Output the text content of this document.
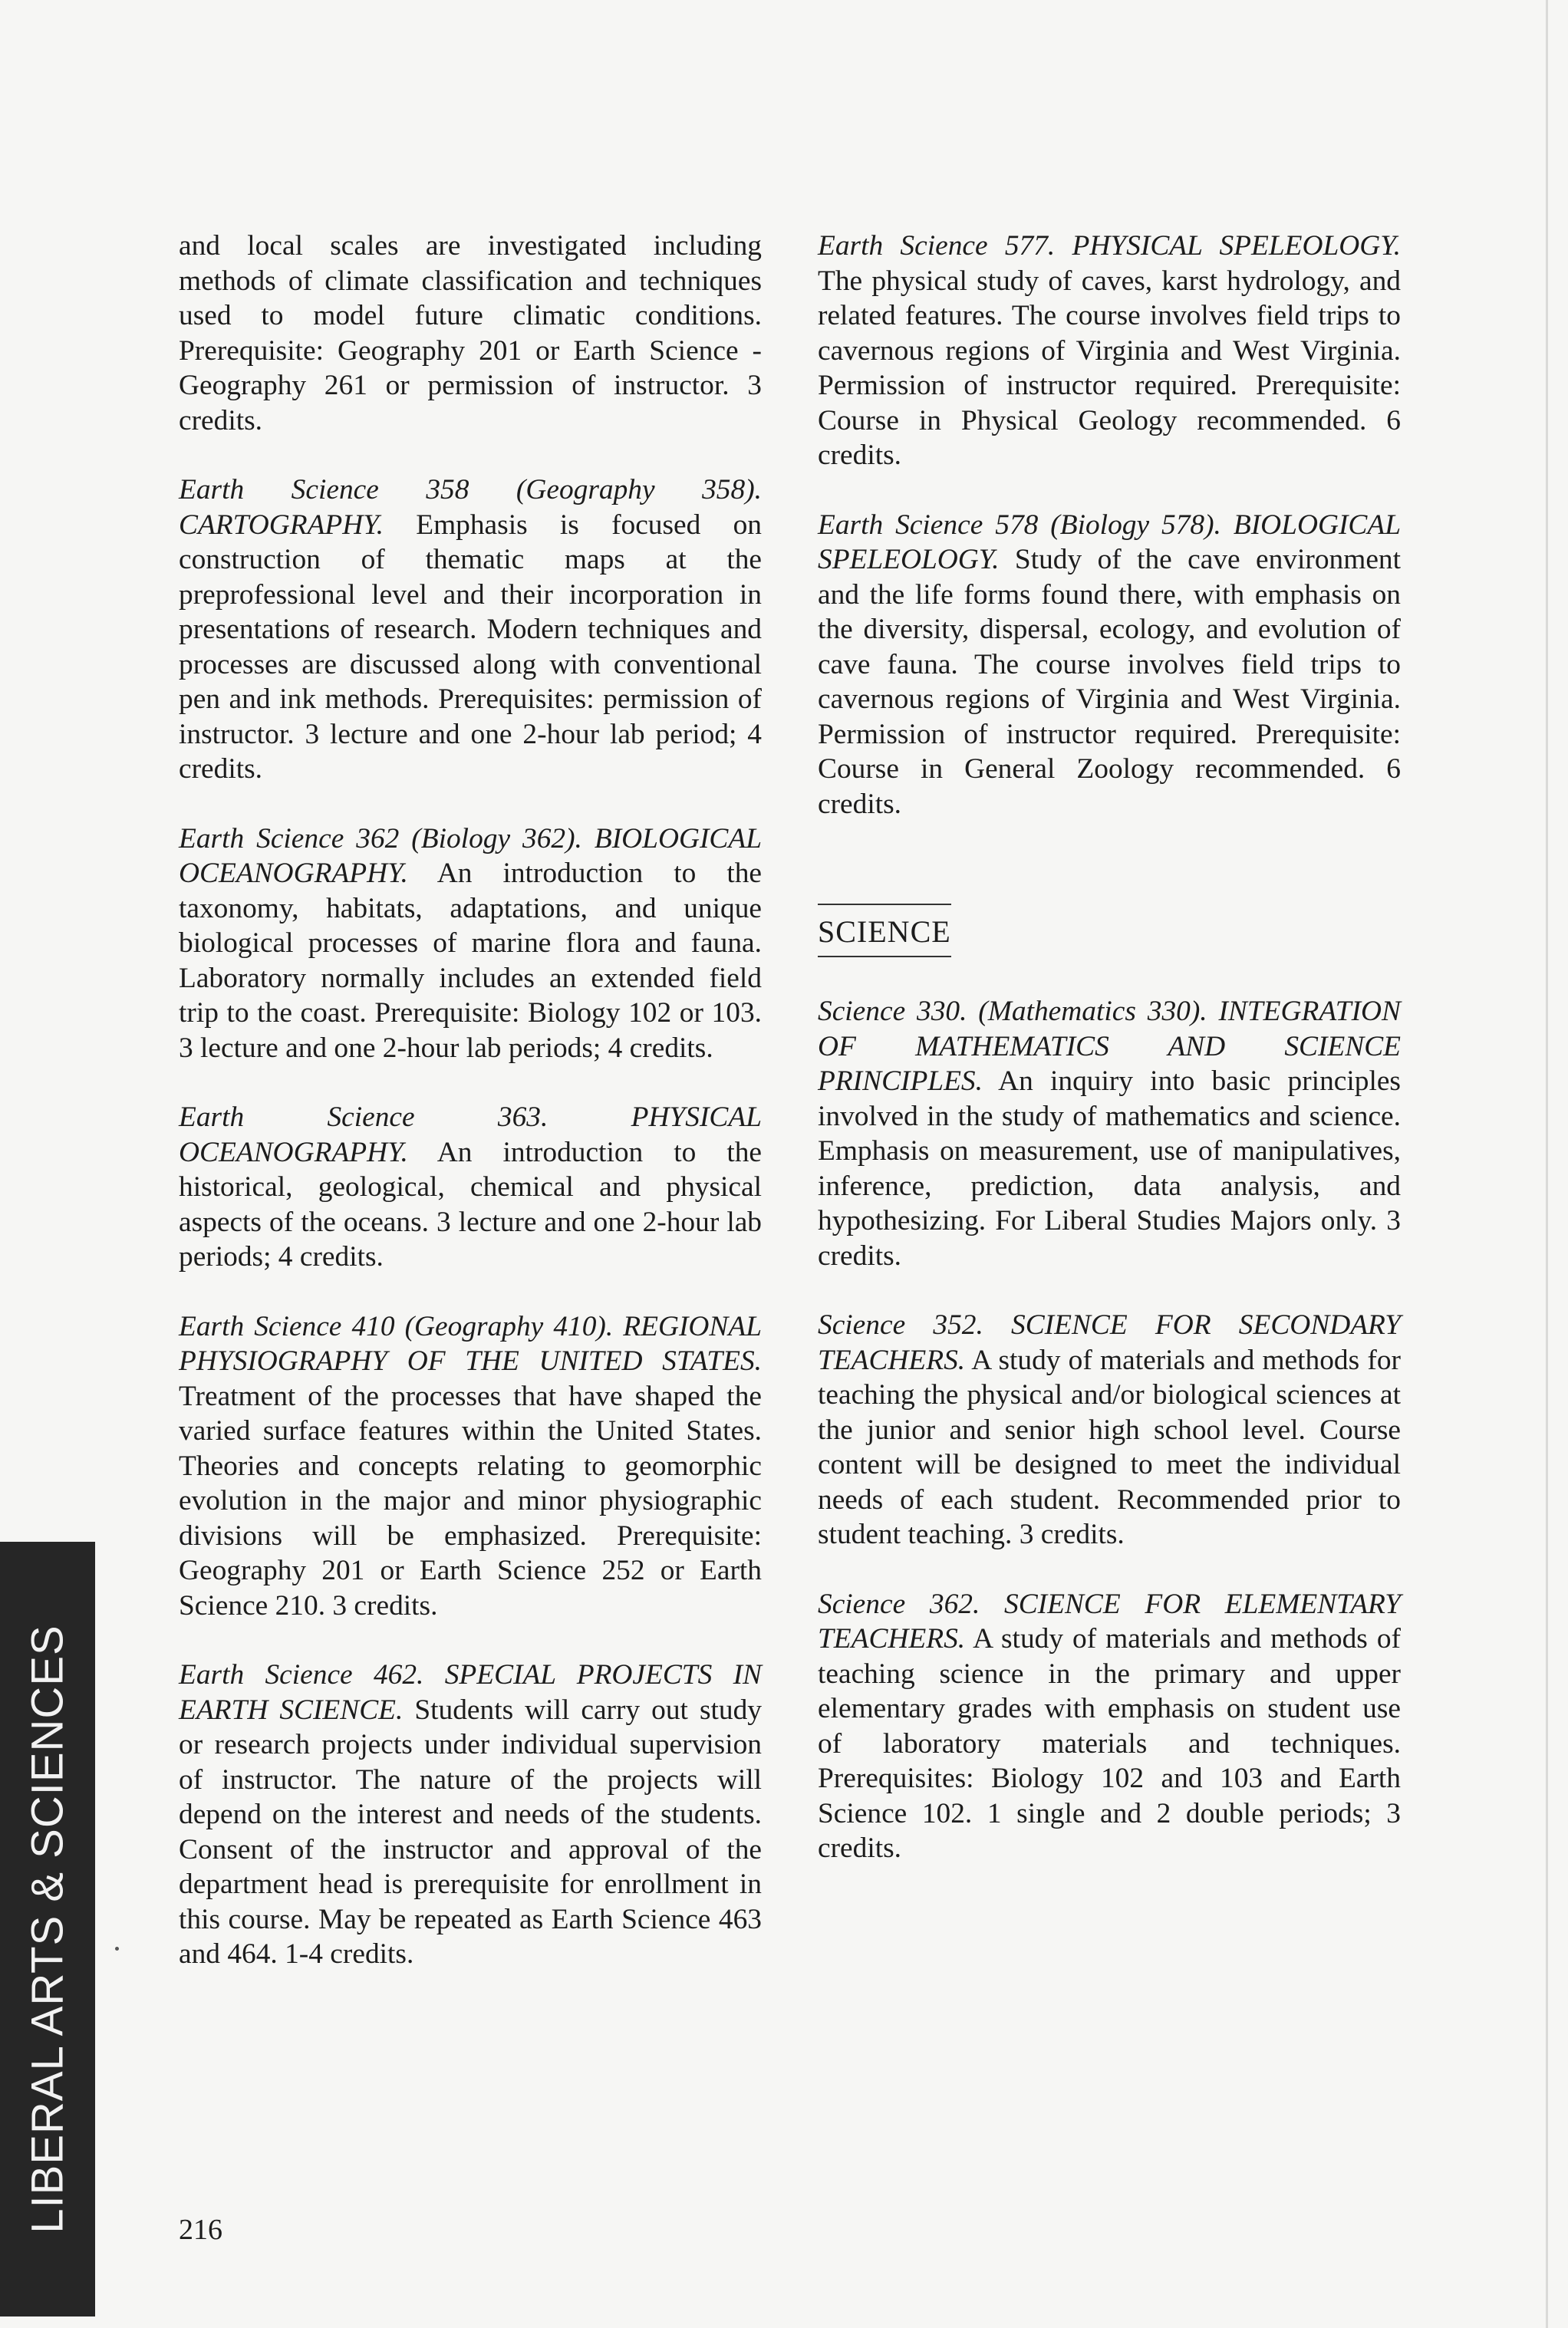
LIBERAL ARTS & SCIENCES

and local scales are investigated including methods of climate classification and techniques used to model future climatic conditions. Prerequisite: Geography 201 or Earth Science - Geography 261 or permission of instructor. 3 credits.

Earth Science 358 (Geography 358). CARTOGRAPHY. Emphasis is focused on construction of thematic maps at the preprofessional level and their incorporation in presentations of research. Modern techniques and processes are discussed along with conventional pen and ink methods. Prerequisites: permission of instructor. 3 lecture and one 2-hour lab period; 4 credits.

Earth Science 362 (Biology 362). BIOLOGICAL OCEANOGRAPHY. An introduction to the taxonomy, habitats, adaptations, and unique biological processes of marine flora and fauna. Laboratory normally includes an extended field trip to the coast. Prerequisite: Biology 102 or 103. 3 lecture and one 2-hour lab periods; 4 credits.

Earth Science 363. PHYSICAL OCEANOGRAPHY. An introduction to the historical, geological, chemical and physical aspects of the oceans. 3 lecture and one 2-hour lab periods; 4 credits.

Earth Science 410 (Geography 410). REGIONAL PHYSIOGRAPHY OF THE UNITED STATES. Treatment of the processes that have shaped the varied surface features within the United States. Theories and concepts relating to geomorphic evolution in the major and minor physiographic divisions will be emphasized. Prerequisite: Geography 201 or Earth Science 252 or Earth Science 210. 3 credits.

Earth Science 462. SPECIAL PROJECTS IN EARTH SCIENCE. Students will carry out study or research projects under individual supervision of instructor. The nature of the projects will depend on the interest and needs of the students. Consent of the instructor and approval of the department head is prerequisite for enrollment in this course. May be repeated as Earth Science 463 and 464. 1-4 credits.

Earth Science 577. PHYSICAL SPELEOLOGY. The physical study of caves, karst hydrology, and related features. The course involves field trips to cavernous regions of Virginia and West Virginia. Permission of instructor required. Prerequisite: Course in Physical Geology recommended. 6 credits.

Earth Science 578 (Biology 578). BIOLOGICAL SPELEOLOGY. Study of the cave environment and the life forms found there, with emphasis on the diversity, dispersal, ecology, and evolution of cave fauna. The course involves field trips to cavernous regions of Virginia and West Virginia. Permission of instructor required. Prerequisite: Course in General Zoology recommended. 6 credits.

SCIENCE

Science 330. (Mathematics 330). INTEGRATION OF MATHEMATICS AND SCIENCE PRINCIPLES. An inquiry into basic principles involved in the study of mathematics and science. Emphasis on measurement, use of manipulatives, inference, prediction, data analysis, and hypothesizing. For Liberal Studies Majors only. 3 credits.

Science 352. SCIENCE FOR SECONDARY TEACHERS. A study of materials and methods for teaching the physical and/or biological sciences at the junior and senior high school level. Course content will be designed to meet the individual needs of each student. Recommended prior to student teaching. 3 credits.

Science 362. SCIENCE FOR ELEMENTARY TEACHERS. A study of materials and methods of teaching science in the primary and upper elementary grades with emphasis on student use of laboratory materials and techniques. Prerequisites: Biology 102 and 103 and Earth Science 102. 1 single and 2 double periods; 3 credits.

216
